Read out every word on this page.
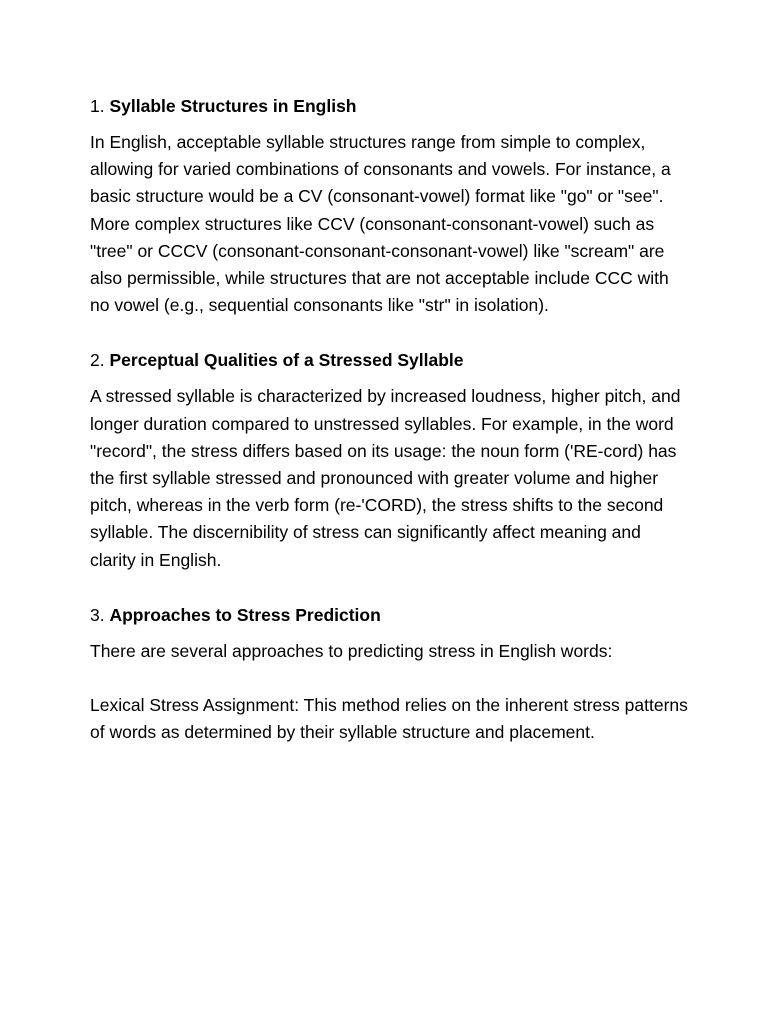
1. Syllable Structures in English

In English, acceptable syllable structures range from simple to complex, allowing for varied combinations of consonants and vowels. For instance, a basic structure would be a CV (consonant-vowel) format like "go" or "see". More complex structures like CCV (consonant-consonant-vowel) such as "tree" or CCCV (consonant-consonant-consonant-vowel) like "scream" are also permissible, while structures that are not acceptable include CCC with no vowel (e.g., sequential consonants like "str" in isolation).

2. Perceptual Qualities of a Stressed Syllable

A stressed syllable is characterized by increased loudness, higher pitch, and longer duration compared to unstressed syllables. For example, in the word "record", the stress differs based on its usage: the noun form ('RE-cord) has the first syllable stressed and pronounced with greater volume and higher pitch, whereas in the verb form (re-'CORD), the stress shifts to the second syllable. The discernibility of stress can significantly affect meaning and clarity in English.

3. Approaches to Stress Prediction

There are several approaches to predicting stress in English words:

Lexical Stress Assignment: This method relies on the inherent stress patterns of words as determined by their syllable structure and placement.
